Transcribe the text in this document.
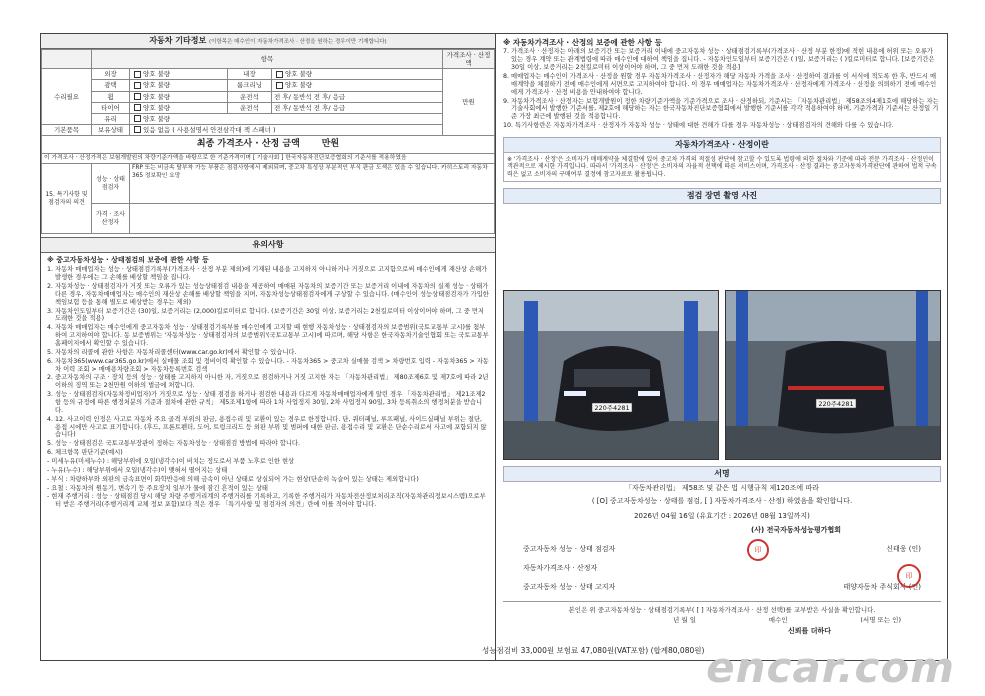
자동차 기타정보 (이항목은 매수인이 자동차가격조사 · 산정을 원하는 경우이만 기재합니다)
	항목				가격조사 · 산정액
수리필요	외장	양호 불량	내장	양호 불량	만원
	광택	양호 불량	룸크리닝	양호 불량	
	휠	양호 불량	운전석	전 후/ 동반석 전 후/ 응급	
	타이어	양호 불량	운전석	전 후/ 동반석 전 후/ 응급	
	유리	양호 불량			
기본품목	보유상태	있음 없음 ( 사용설명서 안전삼각대 잭 스패너 )			
최종 가격조사 · 산정 금액 만원					
이 가격조사 · 산정가격은 보험개발원의 차량기준가액을 바탕으로 한 기준가격이며 [ 기술사회 ] 한국자동차진단보증협회의 기준서를 적용하였음					
15. 특기사항 및 점검자의 의견	성능 · 상태 점검자	FRP 또는 비금속 탈부착 가능 부품은 점검사항에서 제외되며, 중고차 특성상 부분적인 부식 판금 도색은 있을 수 있습니다. 카히스토리 자동차365 정보확인 요망			
	가격 · 조사 산정자				
유의사항

※ 중고자동차성능 · 상태점검의 보증에 관한 사항 등

1. 자동차 매매업자는 성능 · 상태점검기록부(가격조사 · 산정 부분 제외)에 기재된 내용을 고지하지 아니하거나 거짓으로 고지함으로써 매수인에게 재산상 손해가 발생한 경우에는 그 손해를 배상할 책임을 집니다.

2. 자동차성능 · 상태점검자가 거짓 또는 오류가 있는 성능상태점검 내용을 제공하여 매매된 자동차의 보증기간 또는 보증거리 이내에 자동차의 실제 성능 · 상태가 다른 경우, 자동차매매업자는 매수인의 재산상 손해를 배상할 책임을 지며, 자동차성능상태점검자에게 구상할 수 있습니다. (매수인이 성능상태점검자가 가입한 책임보험 등을 통해 별도로 배상받는 경우는 제외)

3. 자동차인도일부터 보증기간은 (30)일, 보증거리는 (2,000)킬로미터로 합니다. (보증기간은 30일 이상, 보증거리는 2천킬로미터 이상이어야 하며, 그 중 먼저 도래한 것을 적용)

4. 자동차 매매업자는 매수인에게 중고자동차 성능 · 상태점검기록부를 매수인에게 고지할 때 현행 자동차성능 · 상태점검자의 보증범위(국토교통부 고시)를 첨부하여 고지하여야 합니다. 동 보증범위는 '자동차성능 · 상태점검자의 보증범위'(국토교통부 고시)에 따르며, 해당 사항은 한국자동차기술인협회 또는 국토교통부 홈페이지에서 확인할 수 있습니다.

5. 자동차의 리콜에 관한 사항은 자동차리콜센터(www.car.go.kr)에서 확인할 수 있습니다.

6. 자동차365(www.car365.go.kr)에서 실매물 조회 및 정비이력 확인할 수 있습니다. - 자동차365 > 중고차 실매물 검색 > 차량번호 입력 - 자동차365 > 자동차 이력 조회 > 매매용차량조회 > 자동차등록번호 검색

2. 중고자동차의 구조 · 장치 등의 성능 · 상태를 고지하지 아니한 자, 거짓으로 점검하거나 거짓 고지한 자는 「자동차관리법」 제80조제6호 및 제7호에 따라 2년 이하의 징역 또는 2천만원 이하의 벌금에 처합니다.

3. 성능 · 상태점검자(자동차정비업자)가 거짓으로 성능 · 상태 점검을 하거나 점검한 내용과 다르게 자동차매매업자에게 알린 경우 「자동차관리법」 제21조제2항 등의 규정에 따른 행정처분의 기준과 절차에 관한 규칙」 제5조제1항에 따라 1차 사업정지 30일, 2차 사업정지 90일, 3차 등록취소의 행정처분을 받습니다.

4. 12. 사고이력 인정은 사고로 자동차 주요 골격 부위의 판금, 용접수리 및 교환이 있는 경우로 한정합니다. 단, 쿼터패널, 루프패널, 사이드실패널 부위는 절단, 용접 시에만 사고로 표기합니다. (후드, 프론트펜더, 도어, 트렁크리드 등 외판 부위 및 범퍼에 대한 판금, 용접수리 및 교환은 단순수리로서 사고에 포함되지 않습니다)

5. 성능 · 상태점검은 국토교통부장관이 정하는 자동차성능 · 상태점검 방법에 따라야 합니다.

6. 체크항목 판단기준(예시)

- 미세누유(미세누수) : 해당부위에 오일(냉각수)이 비치는 정도로서 부품 노후로 인한 현상

- 누유(누수) : 해당부위에서 오일(냉각수)이 맺혀서 떨어지는 상태

- 부식 : 차량하부와 외판의 금속표면이 화학반응에 의해 금속이 아닌 상태로 상실되어 가는 현상(단순히 녹슬어 있는 상태는 제외합니다)

- 요철 : 자동차의 원동기, 변속기 등 주요장치 일부가 물에 잠긴 흔적이 있는 상태

- 현재 주행거리 : 성능 · 상태점검 당시 해당 차량 주행거리계의 주행거리를 기록하고, 기록한 주행거리가 자동차전산정보처리조직(자동차관리정보시스템)으로부터 받은 주행거리(주행거리계 교체 정보 포함)보다 적은 경우 「특기사항 및 점검자의 의견」란에 이를 적어야 합니다.

※ 자동차가격조사 · 산정의 보증에 관한 사항 등

7. 가격조사 · 산정자는 아래의 보증기간 또는 보증거리 이내에 중고자동차 성능 · 상태점검기록부(가격조사 · 산정 부분 한정)에 적힌 내용에 허위 또는 오류가 있는 경우 계약 또는 관계법령에 따라 매수인에 대하여 책임을 집니다. - 자동차인도일부터 보증기간은 ( )일, 보증거리는 ( )킬로미터로 합니다. [보증기간은 30일 이상, 보증거리는 2천킬로미터 이상이어야 하며, 그 중 먼저 도래한 것을 적용]

8. 매매업자는 매수인이 가격조사 · 산정을 원할 경우 자동차가격조사 · 산정자가 해당 자동차 가격을 조사 · 산정하여 결과를 이 서식에 적도록 한 후, 반드시 매매계약을 체결하기 전에 매수인에게 서면으로 고지하여야 합니다. 이 경우 매매업자는 자동차가격조사 · 산정자에게 가격조사 · 산정을 의뢰하기 전에 매수인에게 가격조사 · 산정 비용을 안내하여야 합니다.

9. 자동차가격조사 · 산정자는 보험개발원이 정한 차량기준가액을 기준가격으로 조사 · 산정하되, 기준서는 「자동차관리법」 제58조의4제1호에 해당하는 자는 기술사회에서 발행한 기준서를, 제2호에 해당하는 자는 한국자동차진단보증협회에서 발행한 기준서를 각각 적용하여야 하며, 기준가격과 기준서는 산정일 기준 가장 최근에 발행된 것을 적용합니다.

10. 특기사항란은 자동차가격조사 · 산정자가 자동차 성능 · 상태에 대한 견해가 다를 경우 자동차성능 · 상태점검자의 견해와 다를 수 있습니다.

자동차가격조사 · 산정이란
※ '가격조사 · 산정'은 소비자가 매매계약을 체결함에 있어 중고차 가격의 적절성 판단에 참고할 수 있도록 법령에 의한 절차와 기준에 따라 전문 가격조사 · 산정인이 객관적으로 제시한 가격입니다. 따라서 '가격조사 · 산정'은 소비자의 자율적 선택에 따른 서비스이며, 가격조사 · 산정 결과는 중고자동차가격판단에 관하여 법적 구속력은 없고 소비자의 구매여부 결정에 참고자료로 활용됩니다.
점검 장면 촬영 사진
220주4281	220주4281
서명

「자동차관리법」 제58조 및 같은 법 시행규칙 제120조에 따라

( [O] 중고자동차성능 · 상태를 점검, [ ] 자동차가격조사 · 산정) 하였음을 확인합니다.

2026년 04월 16일 (유효기간 : 2026년 08월 13일까지)

(사) 전국자동차성능평가협회

중고자동차 성능 · 상태 점검자	신태웅 (인)
자동차가격조사 · 산정자
중고자동차 성능 · 상태 고지자	태양자동차 주식회사 (인)

본인은 위 중고자동차성능 · 상태점검기록부( [ ] 자동차가격조사 · 산정 선택)를 교부받은 사실을 확인합니다.

년 월 일	매수인	(서명 또는 인)

신뢰를 더하다

印
印
성능점검비 33,000원 보험료 47,080원(VAT포함) (합계80,080원) encar.com
